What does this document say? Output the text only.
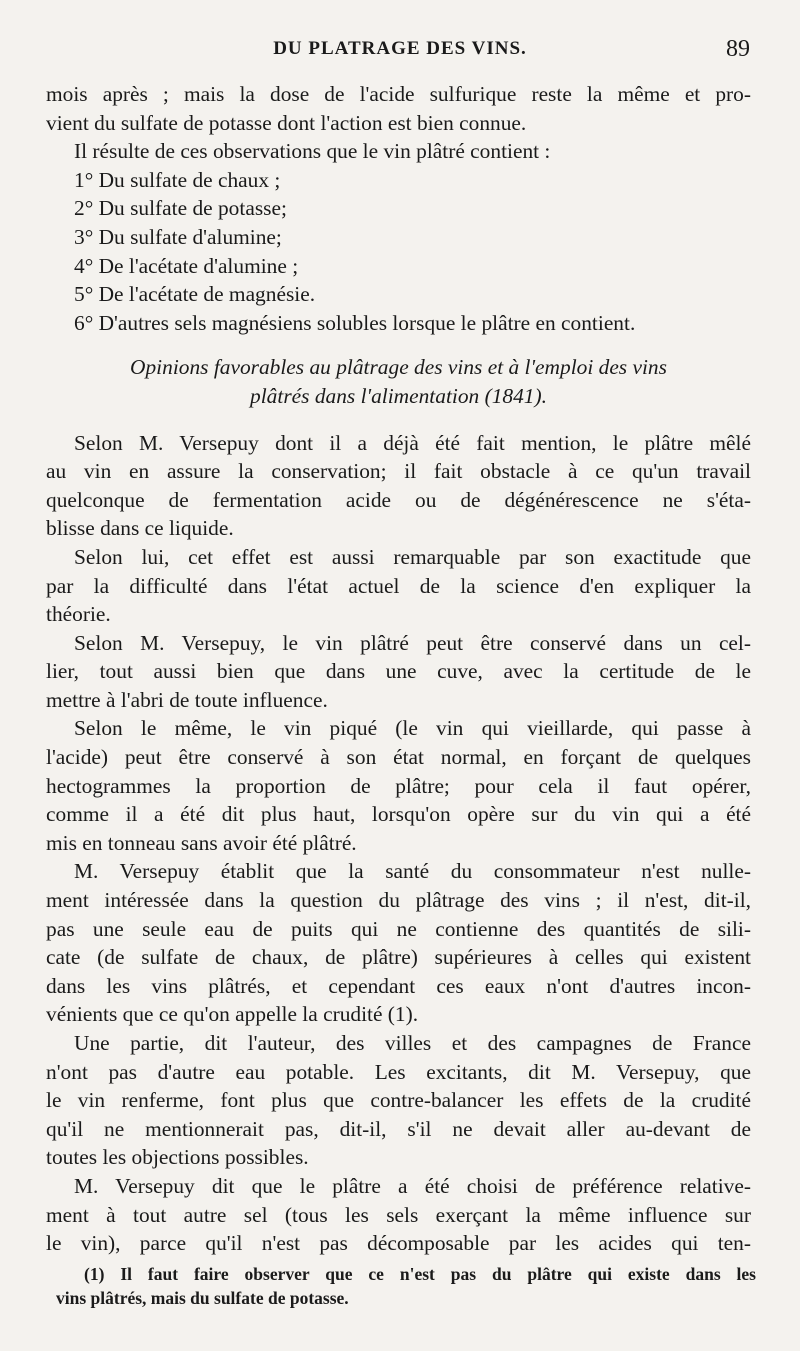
DU PLATRAGE DES VINS.	89
mois après ; mais la dose de l'acide sulfurique reste la même et pro-
vient du sulfate de potasse dont l'action est bien connue.
Il résulte de ces observations que le vin plâtré contient :
1° Du sulfate de chaux ;
2° Du sulfate de potasse;
3° Du sulfate d'alumine;
4° De l'acétate d'alumine ;
5° De l'acétate de magnésie.
6° D'autres sels magnésiens solubles lorsque le plâtre en contient.
Opinions favorables au plâtrage des vins et à l'emploi des vins
plâtrés dans l'alimentation (1841).
Selon M. Versepuy dont il a déjà été fait mention, le plâtre mêlé
au vin en assure la conservation; il fait obstacle à ce qu'un travail
quelconque de fermentation acide ou de dégénérescence ne s'éta-
blisse dans ce liquide.
Selon lui, cet effet est aussi remarquable par son exactitude que
par la difficulté dans l'état actuel de la science d'en expliquer la
théorie.
Selon M. Versepuy, le vin plâtré peut être conservé dans un cel-
lier, tout aussi bien que dans une cuve, avec la certitude de le
mettre à l'abri de toute influence.
Selon le même, le vin piqué (le vin qui vieillarde, qui passe à
l'acide) peut être conservé à son état normal, en forçant de quelques
hectogrammes la proportion de plâtre; pour cela il faut opérer,
comme il a été dit plus haut, lorsqu'on opère sur du vin qui a été
mis en tonneau sans avoir été plâtré.
M. Versepuy établit que la santé du consommateur n'est nulle-
ment intéressée dans la question du plâtrage des vins ; il n'est, dit-il,
pas une seule eau de puits qui ne contienne des quantités de sili-
cate (de sulfate de chaux, de plâtre) supérieures à celles qui existent
dans les vins plâtrés, et cependant ces eaux n'ont d'autres incon-
vénients que ce qu'on appelle la crudité (1).
Une partie, dit l'auteur, des villes et des campagnes de France
n'ont pas d'autre eau potable. Les excitants, dit M. Versepuy, que
le vin renferme, font plus que contre-balancer les effets de la crudité
qu'il ne mentionnerait pas, dit-il, s'il ne devait aller au-devant de
toutes les objections possibles.
M. Versepuy dit que le plâtre a été choisi de préférence relative-
ment à tout autre sel (tous les sels exerçant la même influence sur
le vin), parce qu'il n'est pas décomposable par les acides qui ten-
(1) Il faut faire observer que ce n'est pas du plâtre qui existe dans les
vins plâtrés, mais du sulfate de potasse.
